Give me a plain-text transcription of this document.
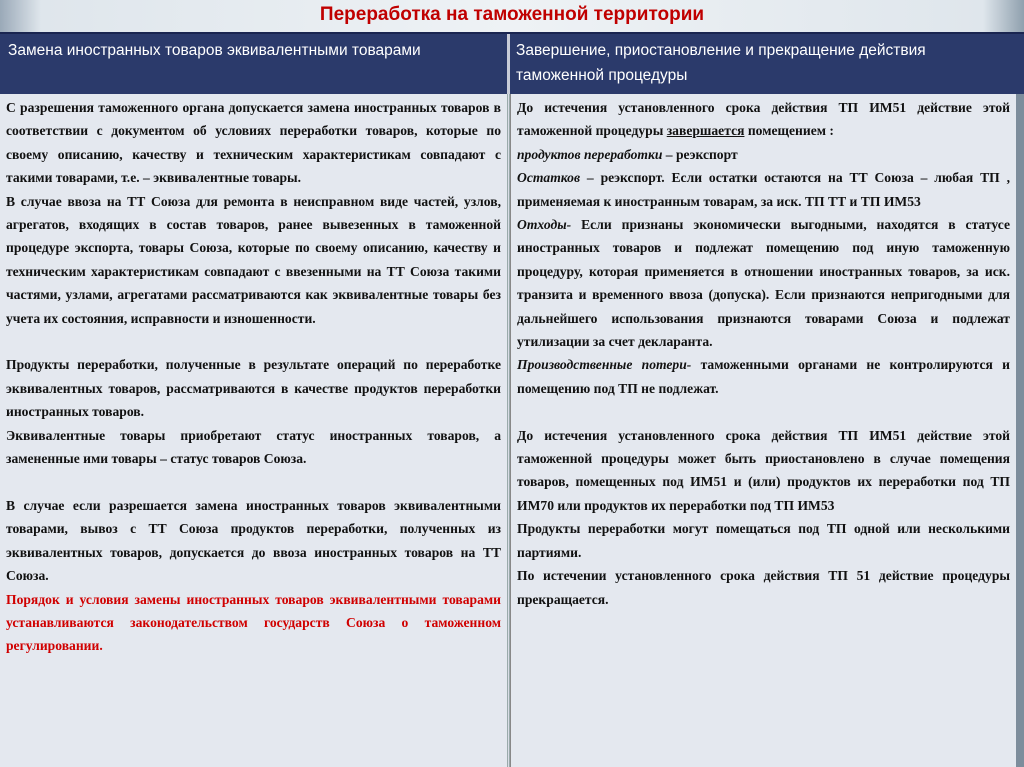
Переработка на таможенной территории
Замена иностранных товаров эквивалентными товарами	Завершение, приостановление и прекращение действия таможенной процедуры

С разрешения таможенного органа допускается замена иностранных товаров в соответствии с документом об условиях переработки товаров, которые по своему описанию, качеству и техническим характеристикам совпадают с такими товарами, т.е. – эквивалентные товары.

В случае ввоза на ТТ Союза для ремонта в неисправном виде частей, узлов, агрегатов, входящих в состав товаров, ранее вывезенных в таможенной процедуре экспорта, товары Союза, которые по своему описанию, качеству и техническим характеристикам совпадают с ввезенными на ТТ Союза такими частями, узлами, агрегатами рассматриваются как эквивалентные товары без учета их состояния, исправности и изношенности.

Продукты переработки, полученные в результате операций по переработке эквивалентных товаров, рассматриваются в качестве продуктов переработки иностранных товаров.

Эквивалентные товары приобретают статус иностранных товаров, а замененные ими товары – статус товаров Союза.

В случае если разрешается замена иностранных товаров эквивалентными товарами, вывоз с ТТ Союза продуктов переработки, полученных из эквивалентных товаров, допускается до ввоза иностранных товаров на ТТ Союза.

Порядок и условия замены иностранных товаров эквивалентными товарами устанавливаются законодательством государств Союза о таможенном регулировании.

До истечения установленного срока действия ТП ИМ51 действие этой таможенной процедуры завершается помещением :

продуктов переработки – реэкспорт

Остатков – реэкспорт. Если остатки остаются на ТТ Союза – любая ТП , применяемая к иностранным товарам, за иск. ТП ТТ и ТП ИМ53

Отходы- Если признаны экономически выгодными, находятся в статусе иностранных товаров и подлежат помещению под иную таможенную процедуру, которая применяется в отношении иностранных товаров, за иск. транзита и временного ввоза (допуска). Если признаются непригодными для дальнейшего использования признаются товарами Союза и подлежат утилизации за счет декларанта.

Производственные потери- таможенными органами не контролируются и помещению под ТП не подлежат.

До истечения установленного срока действия ТП ИМ51 действие этой таможенной процедуры может быть приостановлено в случае помещения товаров, помещенных под ИМ51 и (или) продуктов их переработки под ТП ИМ70 или продуктов их переработки под ТП ИМ53

Продукты переработки могут помещаться под ТП одной или несколькими партиями.

По истечении установленного срока действия ТП 51 действие процедуры прекращается.
